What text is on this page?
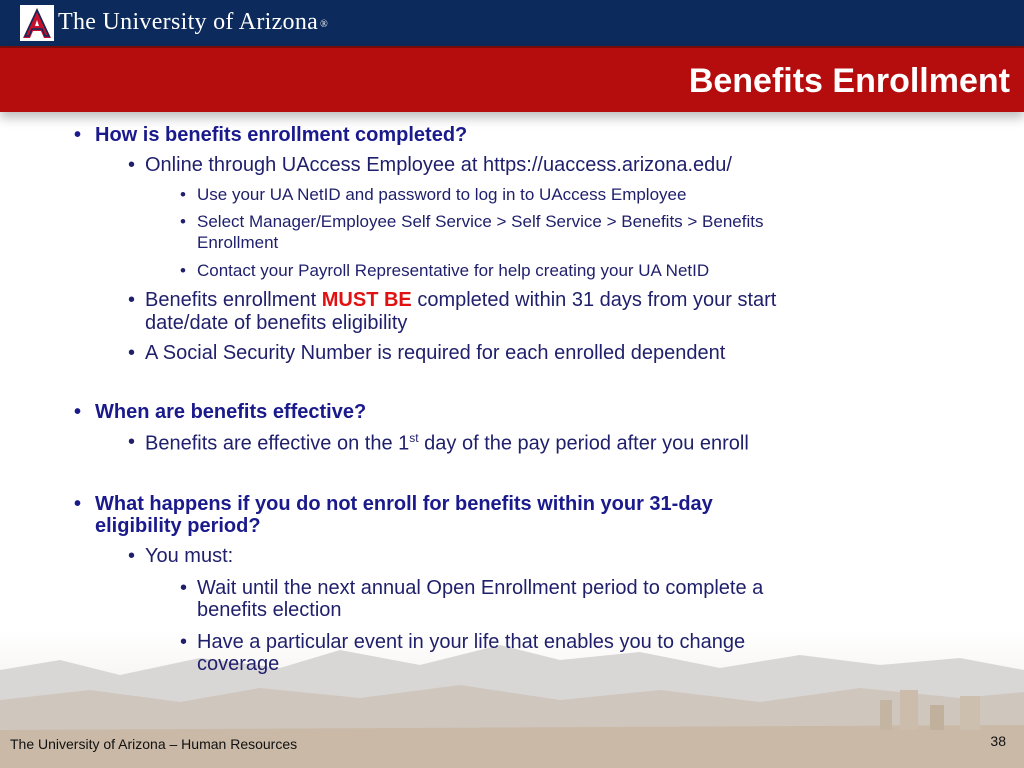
The University of Arizona ®
Benefits Enrollment
• How is benefits enrollment completed?
• Online through UAccess Employee at https://uaccess.arizona.edu/
• Use your UA NetID and password to log in to UAccess Employee
• Select Manager/Employee Self Service > Self Service > Benefits > Benefits
Enrollment
• Contact your Payroll Representative for help creating your UA NetID
• Benefits enrollment MUST BE completed within 31 days from your start
date/date of benefits eligibility
• A Social Security Number is required for each enrolled dependent
• When are benefits effective?
• Benefits are effective on the 1st day of the pay period after you enroll
• What happens if you do not enroll for benefits within your 31-day
eligibility period?
• You must:
• Wait until the next annual Open Enrollment period to complete a
benefits election
• Have a particular event in your life that enables you to change
coverage
The University of Arizona – Human Resources	38
